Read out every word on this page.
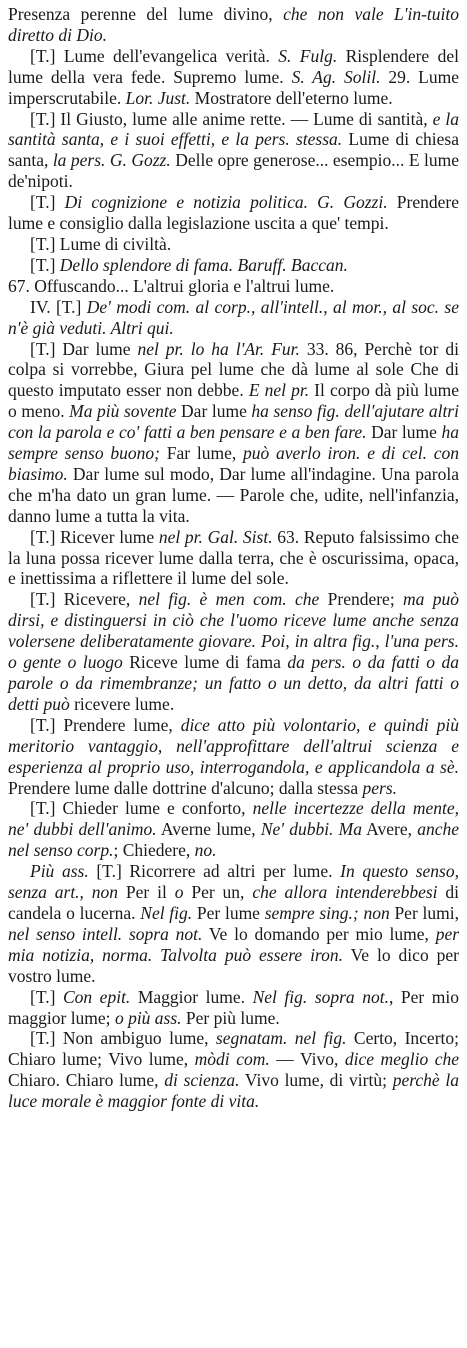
Presenza perenne del lume divino, che non vale L'in-tuito diretto di Dio.

[T.] Lume dell'evangelica verità. S. Fulg. Risplendere del lume della vera fede. Supremo lume. S. Ag. Solil. 29. Lume imperscrutabile. Lor. Just. Mostratore dell'eterno lume.

[T.] Il Giusto, lume alle anime rette. — Lume di santità, e la santità santa, e i suoi effetti, e la pers. stessa. Lume di chiesa santa, la pers. G. Gozz. Delle opre generose... esempio... E lume de'nipoti.

[T.] Di cognizione e notizia politica. G. Gozzi. Prendere lume e consiglio dalla legislazione uscita a que' tempi.

[T.] Lume di civiltà.

[T.] Dello splendore di fama. Baruff. Baccan.

67. Offuscando... L'altrui gloria e l'altrui lume.

IV. [T.] De' modi com. al corp., all'intell., al mor., al soc. se n'è già veduti. Altri qui.

[T.] Dar lume nel pr. lo ha l'Ar. Fur. 33. 86, Perchè tor di colpa si vorrebbe, Giura pel lume che dà lume al sole Che di questo imputato esser non debbe. E nel pr. Il corpo dà più lume o meno. Ma più sovente Dar lume ha senso fig. dell'ajutare altri con la parola e co' fatti a ben pensare e a ben fare. Dar lume ha sempre senso buono; Far lume, può averlo iron. e di cel. con biasimo. Dar lume sul modo, Dar lume all'indagine. Una parola che m'ha dato un gran lume. — Parole che, udite, nell'infanzia, danno lume a tutta la vita.

[T.] Ricever lume nel pr. Gal. Sist. 63. Reputo falsissimo che la luna possa ricever lume dalla terra, che è oscurissima, opaca, e inettissima a riflettere il lume del sole.

[T.] Ricevere, nel fig. è men com. che Prendere; ma può dirsi, e distinguersi in ciò che l'uomo riceve lume anche senza volersene deliberatamente giovare. Poi, in altra fig., l'una pers. o gente o luogo Riceve lume di fama da pers. o da fatti o da parole o da rimembranze; un fatto o un detto, da altri fatti o detti può ricevere lume.

[T.] Prendere lume, dice atto più volontario, e quindi più meritorio vantaggio, nell'approfittare dell'altrui scienza e esperienza al proprio uso, interrogandola, e applicandola a sè. Prendere lume dalle dottrine d'alcuno; dalla stessa pers.

[T.] Chieder lume e conforto, nelle incertezze della mente, ne' dubbi dell'animo. Averne lume, Ne' dubbi. Ma Avere, anche nel senso corp.; Chiedere, no.

Più ass. [T.] Ricorrere ad altri per lume. In questo senso, senza art., non Per il o Per un, che allora intenderebbesi di candela o lucerna. Nel fig. Per lume sempre sing.; non Per lumi, nel senso intell. sopra not. Ve lo domando per mio lume, per mia notizia, norma. Talvolta può essere iron. Ve lo dico per vostro lume.

[T.] Con epit. Maggior lume. Nel fig. sopra not., Per mio maggior lume; o più ass. Per più lume.

[T.] Non ambiguo lume, segnatam. nel fig. Certo, Incerto; Chiaro lume; Vivo lume, mòdi com. — Vivo, dice meglio che Chiaro. Chiaro lume, di scienza. Vivo lume, di virtù; perchè la luce morale è maggior fonte di vita.
